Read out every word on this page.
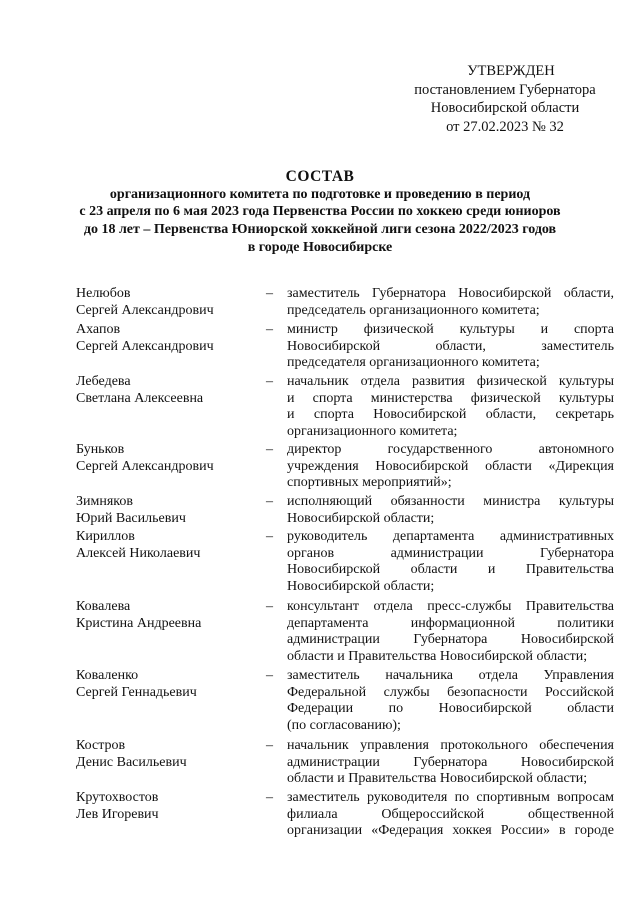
УТВЕРЖДЕН
постановлением Губернатора
Новосибирской области
от 27.02.2023 № 32
СОСТАВ
организационного комитета по подготовке и проведению в период
с 23 апреля по 6 мая 2023 года Первенства России по хоккею среди юниоров
до 18 лет – Первенства Юниорской хоккейной лиги сезона 2022/2023 годов
в городе Новосибирске
Нелюбов
Сергей Александрович
– заместитель Губернатора Новосибирской области,
председатель организационного комитета;
Ахапов
Сергей Александрович
– министр физической культуры и спорта
Новосибирской области, заместитель
председателя организационного комитета;
Лебедева
Светлана Алексеевна
– начальник отдела развития физической культуры
и спорта министерства физической культуры
и спорта Новосибирской области, секретарь
организационного комитета;
Буньков
Сергей Александрович
– директор государственного автономного
учреждения Новосибирской области «Дирекция
спортивных мероприятий»;
Зимняков
Юрий Васильевич
– исполняющий обязанности министра культуры
Новосибирской области;
Кириллов
Алексей Николаевич
– руководитель департамента административных
органов администрации Губернатора
Новосибирской области и Правительства
Новосибирской области;
Ковалева
Кристина Андреевна
– консультант отдела пресс-службы Правительства
департамента информационной политики
администрации Губернатора Новосибирской
области и Правительства Новосибирской области;
Коваленко
Сергей Геннадьевич
– заместитель начальника отдела Управления
Федеральной службы безопасности Российской
Федерации по Новосибирской области
(по согласованию);
Костров
Денис Васильевич
– начальник управления протокольного обеспечения
администрации Губернатора Новосибирской
области и Правительства Новосибирской области;
Крутохвостов
Лев Игоревич
– заместитель руководителя по спортивным вопросам
филиала Общероссийской общественной
организации «Федерация хоккея России» в городе
